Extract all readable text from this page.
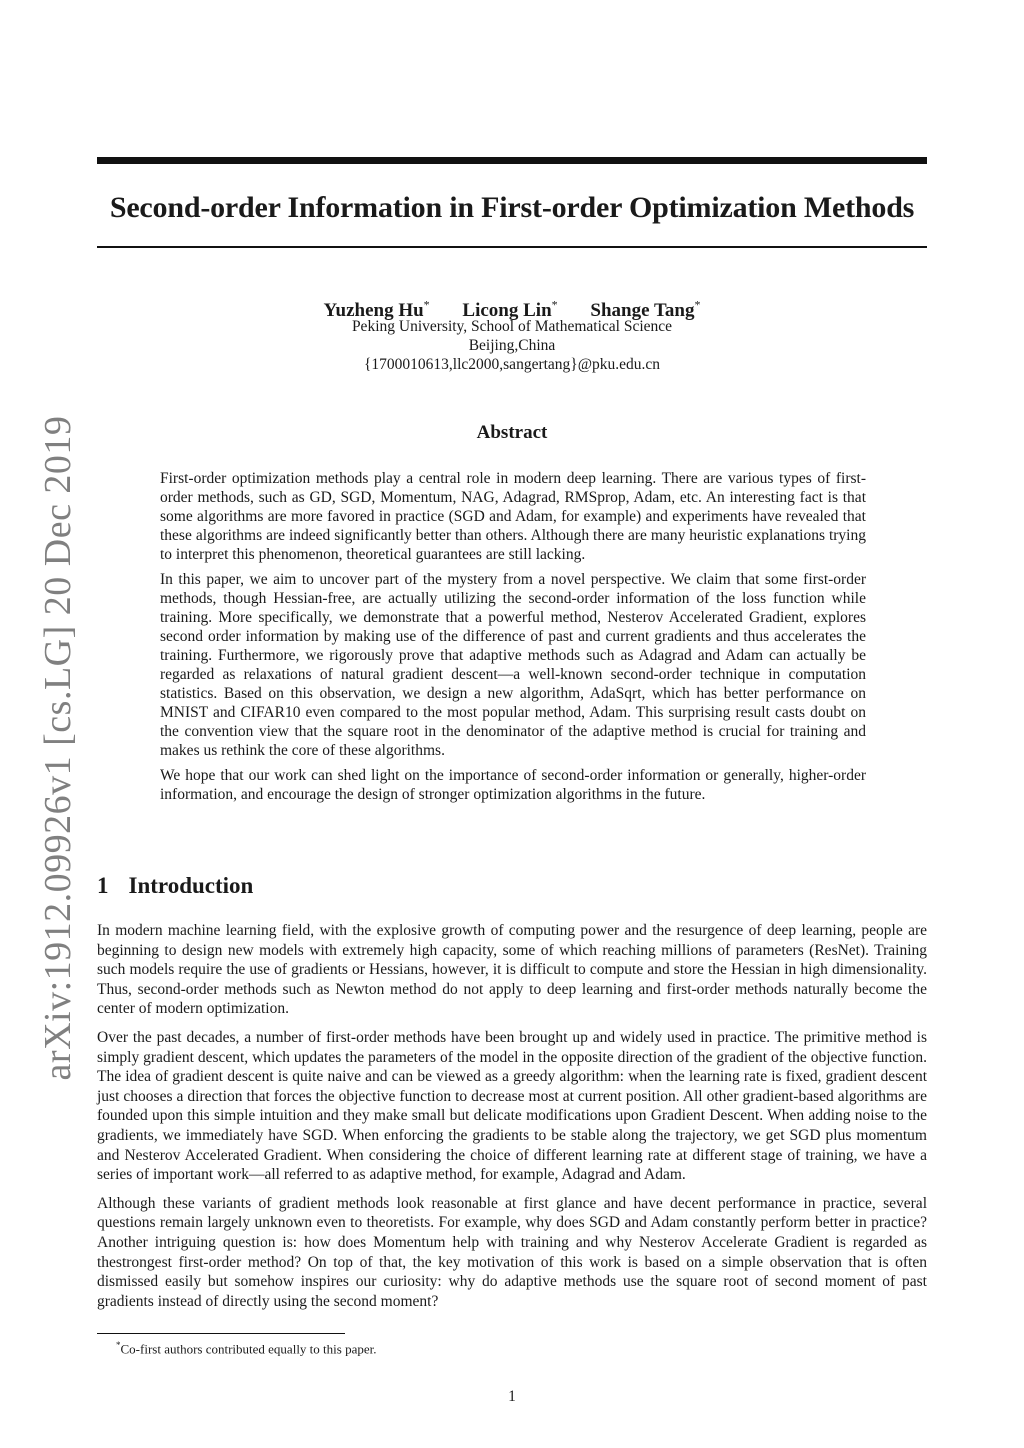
arXiv:1912.09926v1 [cs.LG] 20 Dec 2019
Second-order Information in First-order Optimization Methods
Yuzheng Hu* Licong Lin* Shange Tang*
Peking University, School of Mathematical Science
Beijing,China
{1700010613,llc2000,sangertang}@pku.edu.cn
Abstract

First-order optimization methods play a central role in modern deep learning. There are various types of first-order methods, such as GD, SGD, Momentum, NAG, Adagrad, RMSprop, Adam, etc. An interesting fact is that some algorithms are more favored in practice (SGD and Adam, for example) and experiments have revealed that these algorithms are indeed significantly better than others. Although there are many heuristic explanations trying to interpret this phenomenon, theoretical guarantees are still lacking.

In this paper, we aim to uncover part of the mystery from a novel perspective. We claim that some first-order methods, though Hessian-free, are actually utilizing the second-order information of the loss function while training. More specifically, we demonstrate that a powerful method, Nesterov Accelerated Gradient, explores second order information by making use of the difference of past and current gradients and thus accelerates the training. Furthermore, we rigorously prove that adaptive methods such as Adagrad and Adam can actually be regarded as relaxations of natural gradient descent—a well-known second-order technique in computation statistics. Based on this observation, we design a new algorithm, AdaSqrt, which has better performance on MNIST and CIFAR10 even compared to the most popular method, Adam. This surprising result casts doubt on the convention view that the square root in the denominator of the adaptive method is crucial for training and makes us rethink the core of these algorithms.

We hope that our work can shed light on the importance of second-order information or generally, higher-order information, and encourage the design of stronger optimization algorithms in the future.

1 Introduction

In modern machine learning field, with the explosive growth of computing power and the resurgence of deep learning, people are beginning to design new models with extremely high capacity, some of which reaching millions of parameters (ResNet). Training such models require the use of gradients or Hessians, however, it is difficult to compute and store the Hessian in high dimensionality. Thus, second-order methods such as Newton method do not apply to deep learning and first-order methods naturally become the center of modern optimization.

Over the past decades, a number of first-order methods have been brought up and widely used in practice. The primitive method is simply gradient descent, which updates the parameters of the model in the opposite direction of the gradient of the objective function. The idea of gradient descent is quite naive and can be viewed as a greedy algorithm: when the learning rate is fixed, gradient descent just chooses a direction that forces the objective function to decrease most at current position. All other gradient-based algorithms are founded upon this simple intuition and they make small but delicate modifications upon Gradient Descent. When adding noise to the gradients, we immediately have SGD. When enforcing the gradients to be stable along the trajectory, we get SGD plus momentum and Nesterov Accelerated Gradient. When considering the choice of different learning rate at different stage of training, we have a series of important work—all referred to as adaptive method, for example, Adagrad and Adam.

Although these variants of gradient methods look reasonable at first glance and have decent performance in practice, several questions remain largely unknown even to theoretists. For example, why does SGD and Adam constantly perform better in practice? Another intriguing question is: how does Momentum help with training and why Nesterov Accelerate Gradient is regarded as thestrongest first-order method? On top of that, the key motivation of this work is based on a simple observation that is often dismissed easily but somehow inspires our curiosity: why do adaptive methods use the square root of second moment of past gradients instead of directly using the second moment?

*Co-first authors contributed equally to this paper.
1
